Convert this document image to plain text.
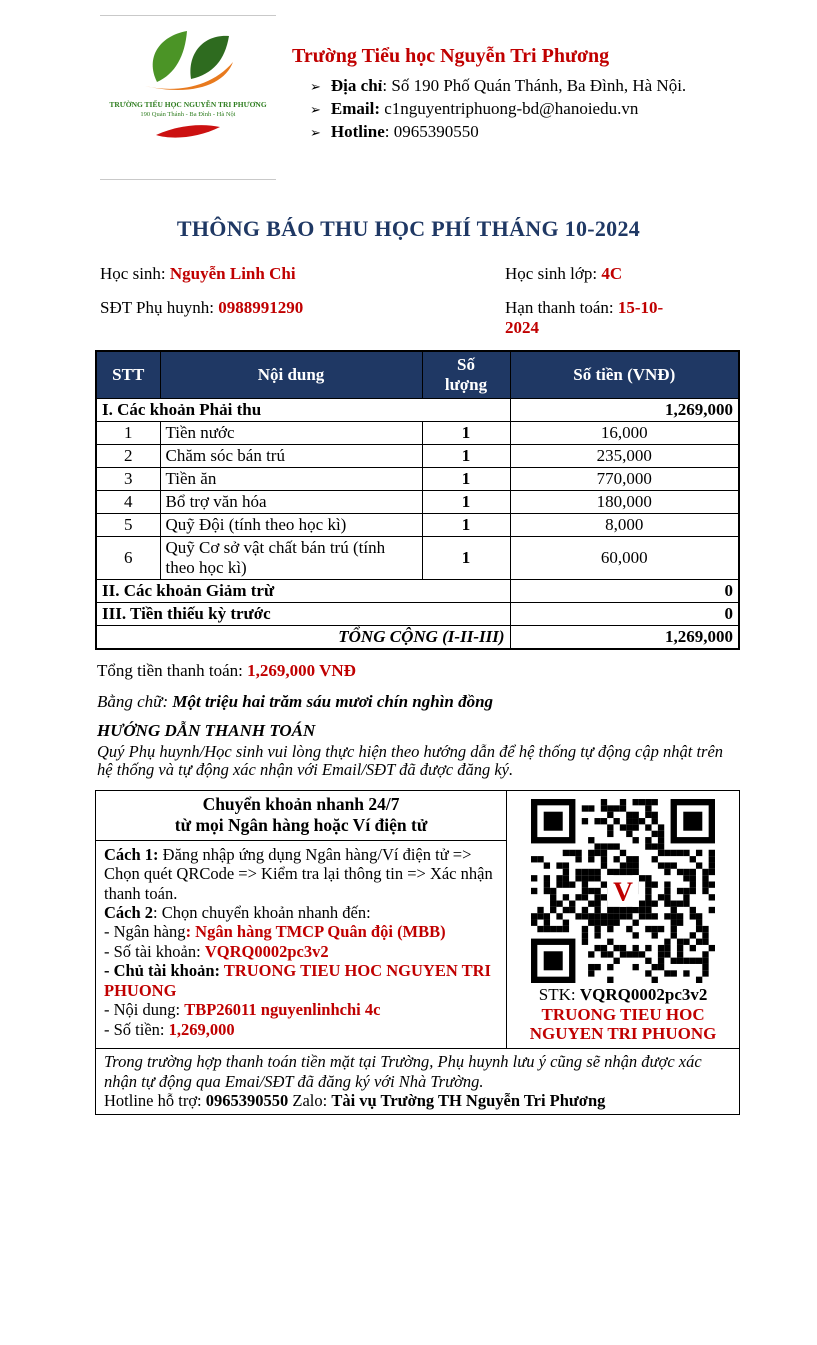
TRƯỜNG TIỂU HỌC NGUYỄN TRI PHƯƠNG
190 Quán Thánh - Ba Đình - Hà Nội
Trường Tiểu học Nguyễn Tri Phương
➢ Địa chỉ: Số 190 Phố Quán Thánh, Ba Đình, Hà Nội.
➢ Email: c1nguyentriphuong-bd@hanoiedu.vn
➢ Hotline: 0965390550
THÔNG BÁO THU HỌC PHÍ THÁNG 10-2024
Học sinh: Nguyễn Linh Chi	Học sinh lớp: 4C
SĐT Phụ huynh: 0988991290	Hạn thanh toán: 15-10-2024
STT	Nội dung	Số lượng	Số tiền (VNĐ)
I. Các khoản Phải thu			1,269,000
1	Tiền nước	1	16,000
2	Chăm sóc bán trú	1	235,000
3	Tiền ăn	1	770,000
4	Bổ trợ văn hóa	1	180,000
5	Quỹ Đội (tính theo học kì)	1	8,000
6	Quỹ Cơ sở vật chất bán trú (tính theo học kì)	1	60,000
II. Các khoản Giảm trừ			0
III. Tiền thiếu kỳ trước			0
TỔNG CỘNG (I-II-III)			1,269,000
Tổng tiền thanh toán: 1,269,000 VNĐ
Bằng chữ: Một triệu hai trăm sáu mươi chín nghìn đồng
HƯỚNG DẪN THANH TOÁN
Quý Phụ huynh/Học sinh vui lòng thực hiện theo hướng dẫn để hệ thống tự động cập nhật trên hệ thống và tự động xác nhận với Email/SĐT đã được đăng ký.
Chuyển khoản nhanh 24/7
từ mọi Ngân hàng hoặc Ví điện tử

V
STK: VQRQ0002pc3v2
TRUONG TIEU HOC
NGUYEN TRI PHUONG

Cách 1: Đăng nhập ứng dụng Ngân hàng/Ví điện tử => Chọn quét QRCode => Kiểm tra lại thông tin => Xác nhận thanh toán.
Cách 2: Chọn chuyển khoản nhanh đến:
- Ngân hàng: Ngân hàng TMCP Quân đội (MBB)
- Số tài khoản: VQRQ0002pc3v2
- Chủ tài khoản: TRUONG TIEU HOC NGUYEN TRI PHUONG
- Nội dung: TBP26011 nguyenlinhchi 4c
- Số tiền: 1,269,000

Trong trường hợp thanh toán tiền mặt tại Trường, Phụ huynh lưu ý cũng sẽ nhận được xác nhận tự động qua Emai/SĐT đã đăng ký với Nhà Trường.
Hotline hỗ trợ: 0965390550 Zalo: Tài vụ Trường TH Nguyễn Tri Phương
